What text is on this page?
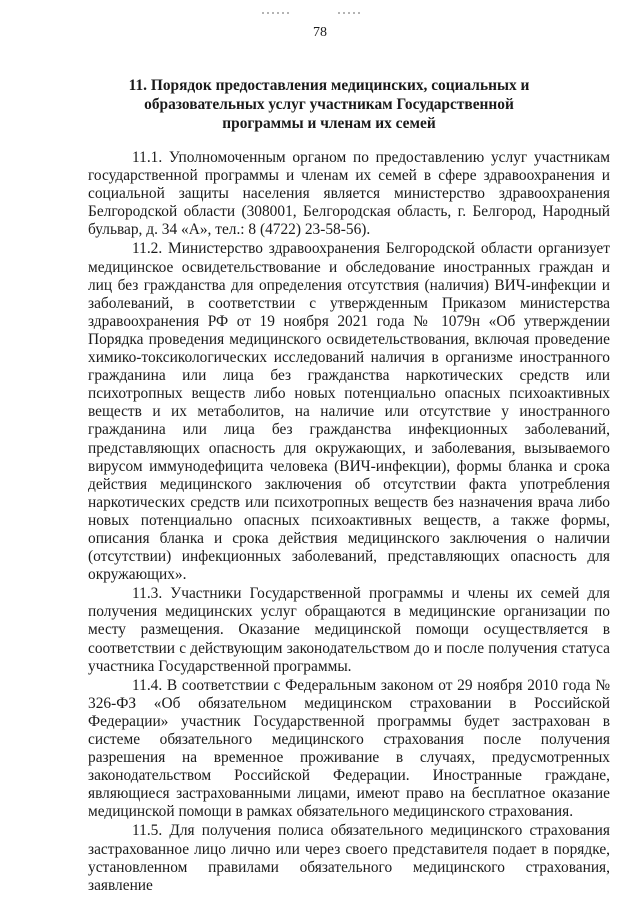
78
11. Порядок предоставления медицинских, социальных и образовательных услуг участникам Государственной программы и членам их семей

11.1. Уполномоченным органом по предоставлению услуг участникам государственной программы и членам их семей в сфере здравоохранения и социальной защиты населения является министерство здравоохранения Белгородской области (308001, Белгородская область, г. Белгород, Народный бульвар, д. 34 «А», тел.: 8 (4722) 23-58-56).

11.2. Министерство здравоохранения Белгородской области организует медицинское освидетельствование и обследование иностранных граждан и лиц без гражданства для определения отсутствия (наличия) ВИЧ-инфекции и заболеваний, в соответствии с утвержденным Приказом министерства здравоохранения РФ от 19 ноября 2021 года № 1079н «Об утверждении Порядка проведения медицинского освидетельствования, включая проведение химико-токсикологических исследований наличия в организме иностранного гражданина или лица без гражданства наркотических средств или психотропных веществ либо новых потенциально опасных психоактивных веществ и их метаболитов, на наличие или отсутствие у иностранного гражданина или лица без гражданства инфекционных заболеваний, представляющих опасность для окружающих, и заболевания, вызываемого вирусом иммунодефицита человека (ВИЧ-инфекции), формы бланка и срока действия медицинского заключения об отсутствии факта употребления наркотических средств или психотропных веществ без назначения врача либо новых потенциально опасных психоактивных веществ, а также формы, описания бланка и срока действия медицинского заключения о наличии (отсутствии) инфекционных заболеваний, представляющих опасность для окружающих».

11.3. Участники Государственной программы и члены их семей для получения медицинских услуг обращаются в медицинские организации по месту размещения. Оказание медицинской помощи осуществляется в соответствии с действующим законодательством до и после получения статуса участника Государственной программы.

11.4. В соответствии с Федеральным законом от 29 ноября 2010 года № 326-ФЗ «Об обязательном медицинском страховании в Российской Федерации» участник Государственной программы будет застрахован в системе обязательного медицинского страхования после получения разрешения на временное проживание в случаях, предусмотренных законодательством Российской Федерации. Иностранные граждане, являющиеся застрахованными лицами, имеют право на бесплатное оказание медицинской помощи в рамках обязательного медицинского страхования.

11.5. Для получения полиса обязательного медицинского страхования застрахованное лицо лично или через своего представителя подает в порядке, установленном правилами обязательного медицинского страхования, заявление
